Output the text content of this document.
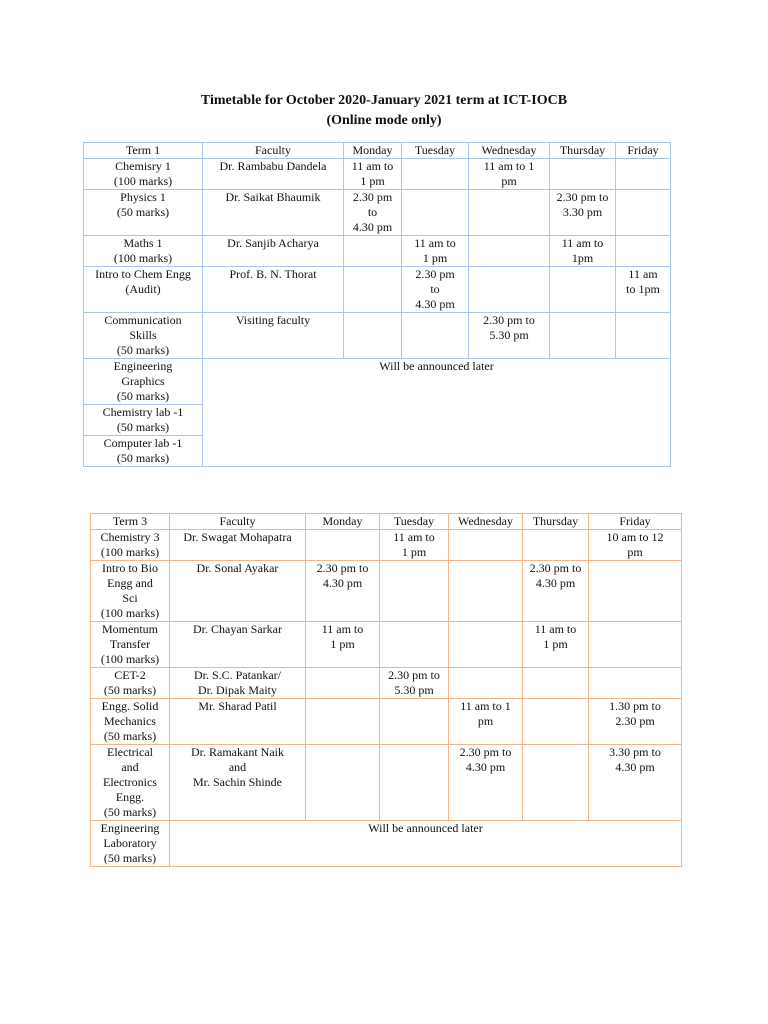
Timetable for October 2020-January 2021 term at ICT-IOCB
(Online mode only)
Term 1	Faculty	Monday	Tuesday	Wednesday	Thursday	Friday

Chemisry 1
(100 marks)	Dr. Rambabu Dandela	11 am to
1 pm		11 am to 1
pm		

Physics 1
(50 marks)	Dr. Saikat Bhaumik	2.30 pm
to
4.30 pm			2.30 pm to
3.30 pm	

Maths 1
(100 marks)	Dr. Sanjib Acharya		11 am to
1 pm		11 am to
1pm	

Intro to Chem Engg
(Audit)	Prof. B. N. Thorat		2.30 pm
to
4.30 pm			11 am
to 1pm

Communication
Skills
(50 marks)	Visiting faculty			2.30 pm to
5.30 pm		

Engineering
Graphics
(50 marks)	Will be announced later					

Chemistry lab -1
(50 marks)						

Computer lab -1
(50 marks)						
Term 3	Faculty	Monday	Tuesday	Wednesday	Thursday	Friday

Chemistry 3
(100 marks)	Dr. Swagat Mohapatra		11 am to
1 pm			10 am to 12
pm

Intro to Bio
Engg and
Sci
(100 marks)	Dr. Sonal Ayakar	2.30 pm to
4.30 pm			2.30 pm to
4.30 pm	

Momentum
Transfer
(100 marks)	Dr. Chayan Sarkar	11 am to
1 pm			11 am to
1 pm	

CET-2
(50 marks)	Dr. S.C. Patankar/
Dr. Dipak Maity		2.30 pm to
5.30 pm			

Engg. Solid
Mechanics
(50 marks)	Mr. Sharad Patil			11 am to 1
pm		1.30 pm to
2.30 pm

Electrical
and
Electronics
Engg.
(50 marks)	Dr. Ramakant Naik
and
Mr. Sachin Shinde			2.30 pm to
4.30 pm		3.30 pm to
4.30 pm

Engineering
Laboratory
(50 marks)	Will be announced later					
